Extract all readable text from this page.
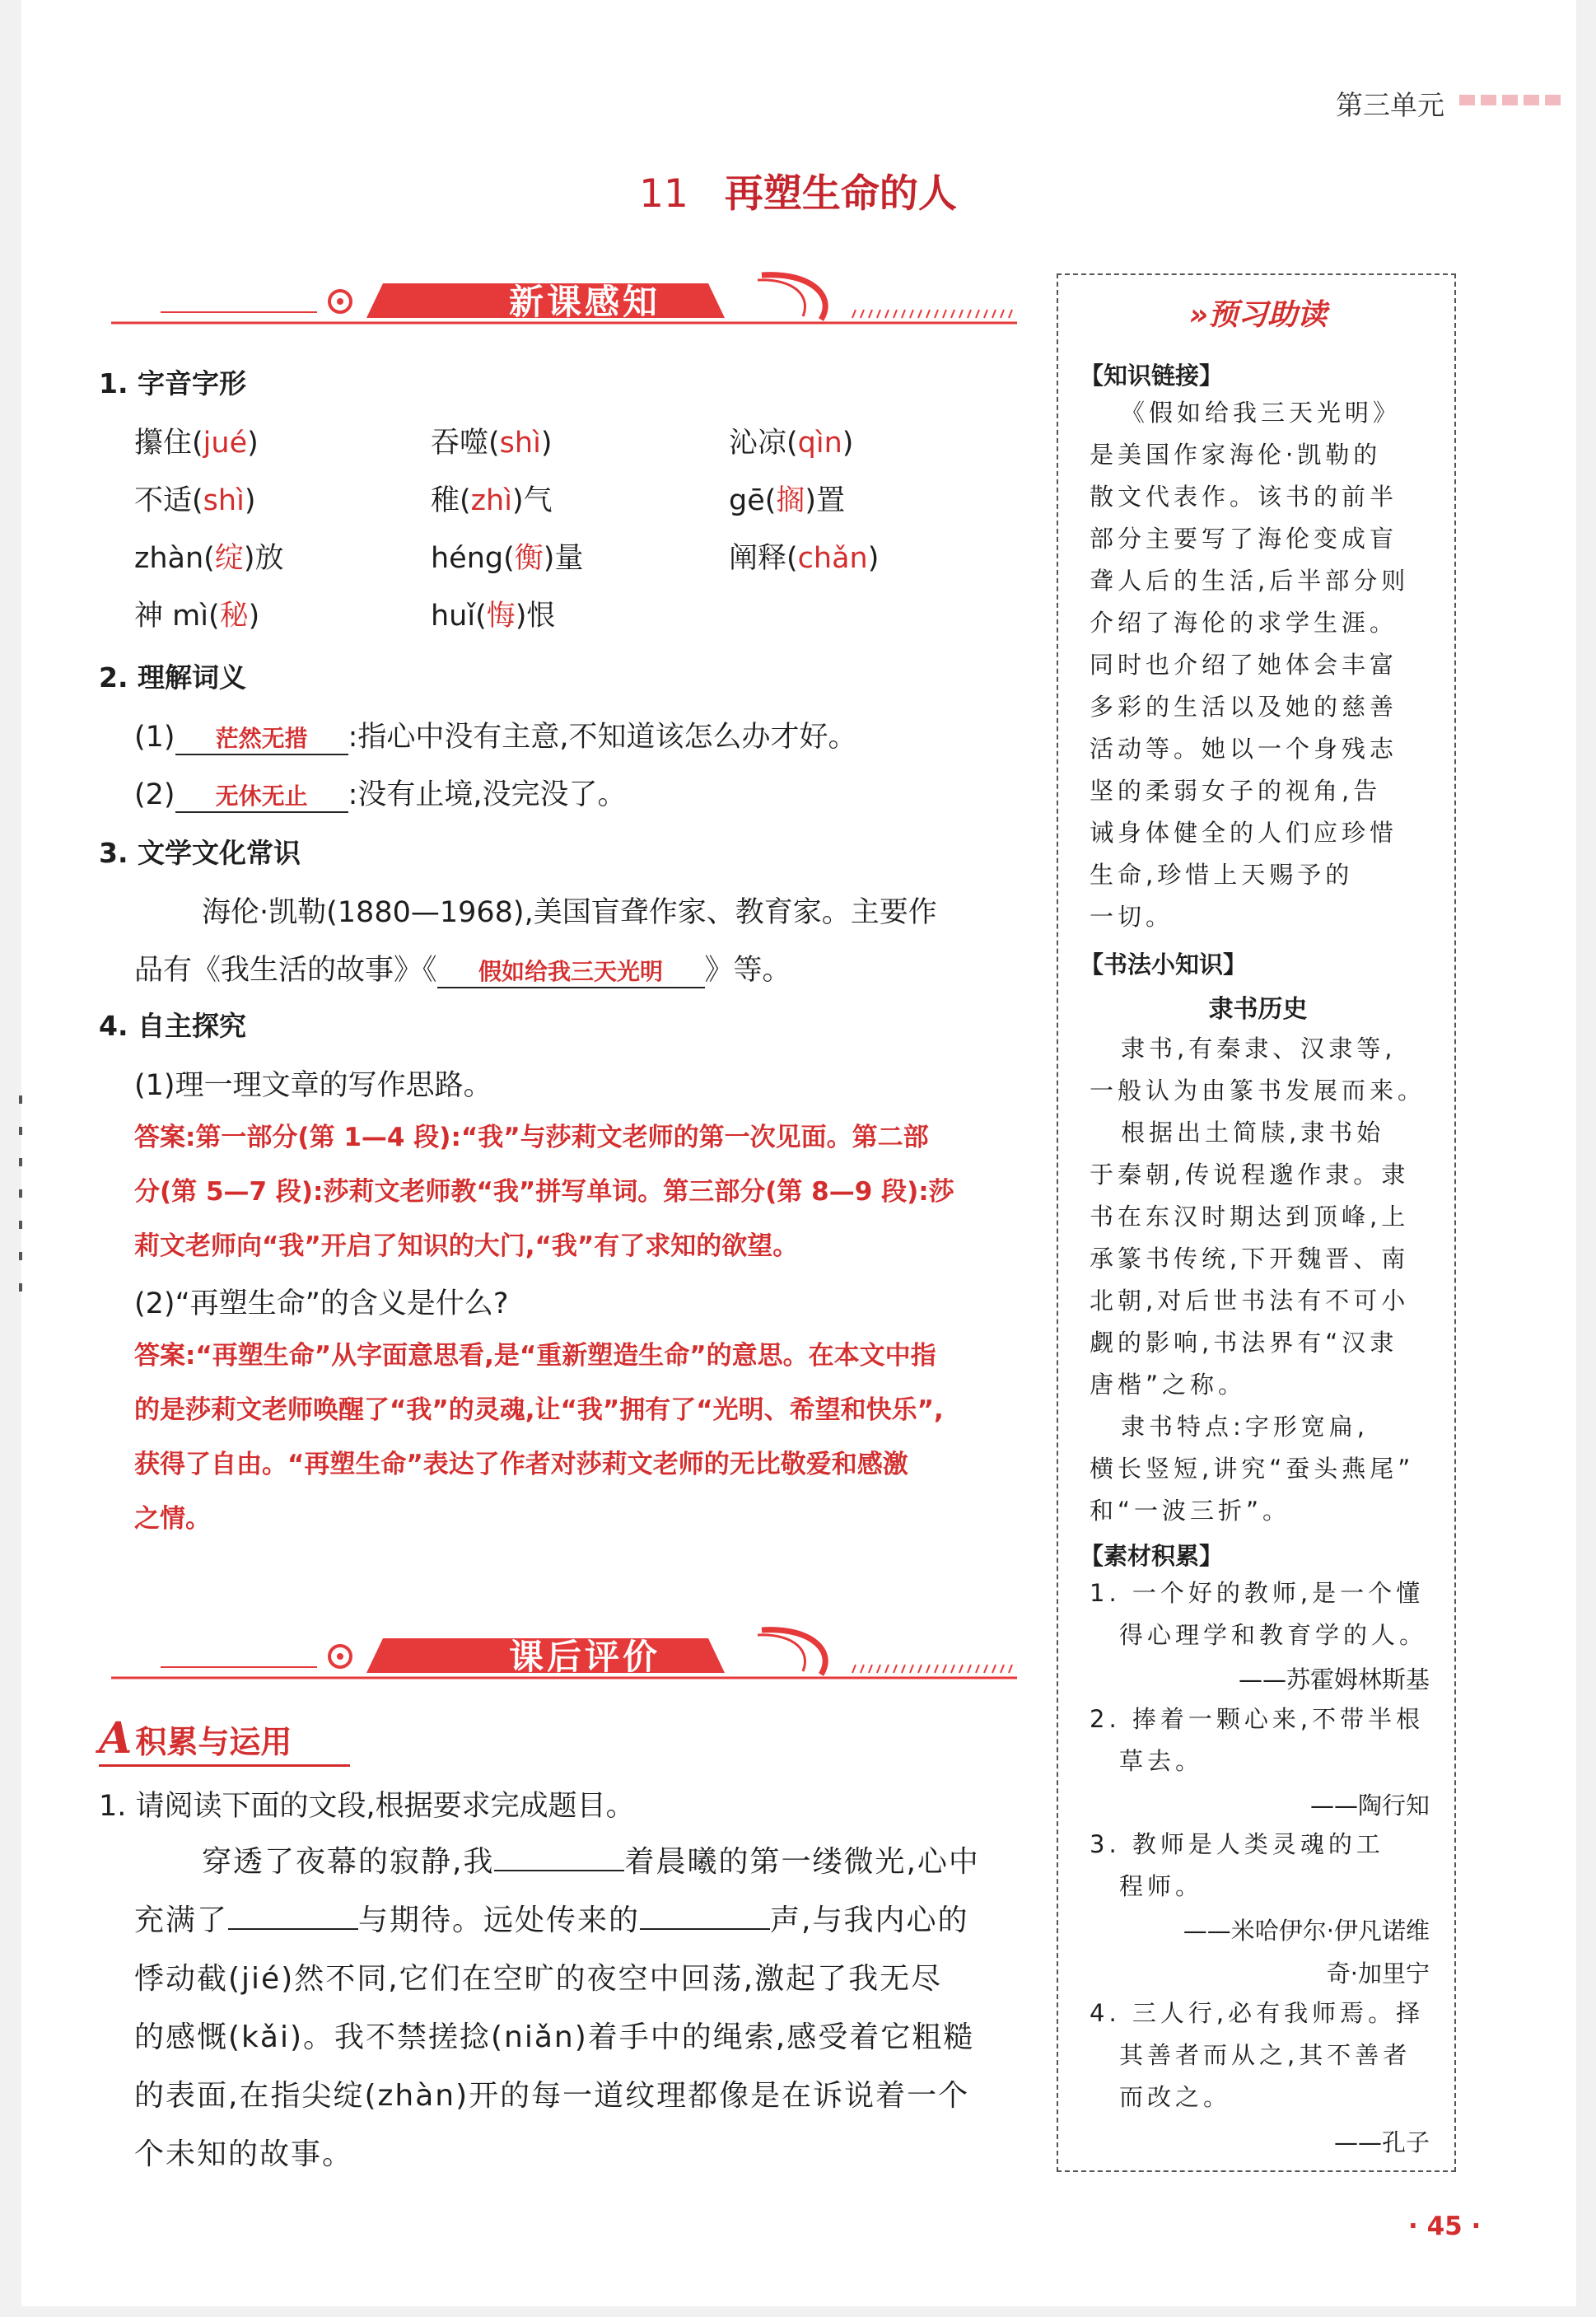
第三单元
11 再塑生命的人
新课感知
1. 字音字形
攥住(jué)	吞噬(shì)	沁凉(qìn)
不适(shì)	稚(zhì)气	gē(搁)置
zhàn(绽)放	héng(衡)量	阐释(chǎn)
神 mì(秘)	huǐ(悔)恨
2. 理解词义
(1) 茫然无措 :指心中没有主意,不知道该怎么办才好。
(2) 无休无止 :没有止境,没完没了。
3. 文学文化常识
海伦·凯勒(1880—1968),美国盲聋作家、教育家。主要作
品有《我生活的故事》《 假如给我三天光明 》等。
4. 自主探究
(1)理一理文章的写作思路。
答案:第一部分(第 1—4 段):“我”与莎莉文老师的第一次见面。第二部
分(第 5—7 段):莎莉文老师教“我”拼写单词。第三部分(第 8—9 段):莎
莉文老师向“我”开启了知识的大门,“我”有了求知的欲望。
(2)“再塑生命”的含义是什么?
答案:“再塑生命”从字面意思看,是“重新塑造生命”的意思。在本文中指
的是莎莉文老师唤醒了“我”的灵魂,让“我”拥有了“光明、希望和快乐”,
获得了自由。“再塑生命”表达了作者对莎莉文老师的无比敬爱和感激
之情。
课后评价
A 积累与运用
1. 请阅读下面的文段,根据要求完成题目。
穿透了夜幕的寂静,我	着晨曦的第一缕微光,心中
充满了	与期待。远处传来的	声,与我内心的
悸动截(jié)然不同,它们在空旷的夜空中回荡,激起了我无尽
的感慨(kǎi)。我不禁搓捻(niǎn)着手中的绳索,感受着它粗糙
的表面,在指尖绽(zhàn)开的每一道纹理都像是在诉说着一个
个未知的故事。
»预习助读
【知识链接】
《假如给我三天光明》
是美国作家海伦·凯勒的
散文代表作。该书的前半
部分主要写了海伦变成盲
聋人后的生活,后半部分则
介绍了海伦的求学生涯。
同时也介绍了她体会丰富
多彩的生活以及她的慈善
活动等。她以一个身残志
坚的柔弱女子的视角,告
诫身体健全的人们应珍惜
生命,珍惜上天赐予的
一切。
【书法小知识】
隶书历史
隶书,有秦隶、汉隶等,
一般认为由篆书发展而来。
根据出土简牍,隶书始
于秦朝,传说程邈作隶。隶
书在东汉时期达到顶峰,上
承篆书传统,下开魏晋、南
北朝,对后世书法有不可小
觑的影响,书法界有“汉隶
唐楷”之称。
隶书特点:字形宽扁,
横长竖短,讲究“蚕头燕尾”
和“一波三折”。
【素材积累】
1. 一个好的教师,是一个懂
得心理学和教育学的人。
——苏霍姆林斯基
2. 捧着一颗心来,不带半根
草去。
——陶行知
3. 教师是人类灵魂的工
程师。
——米哈伊尔·伊凡诺维
奇·加里宁
4. 三人行,必有我师焉。择
其善者而从之,其不善者
而改之。
——孔子
· 45 ·
